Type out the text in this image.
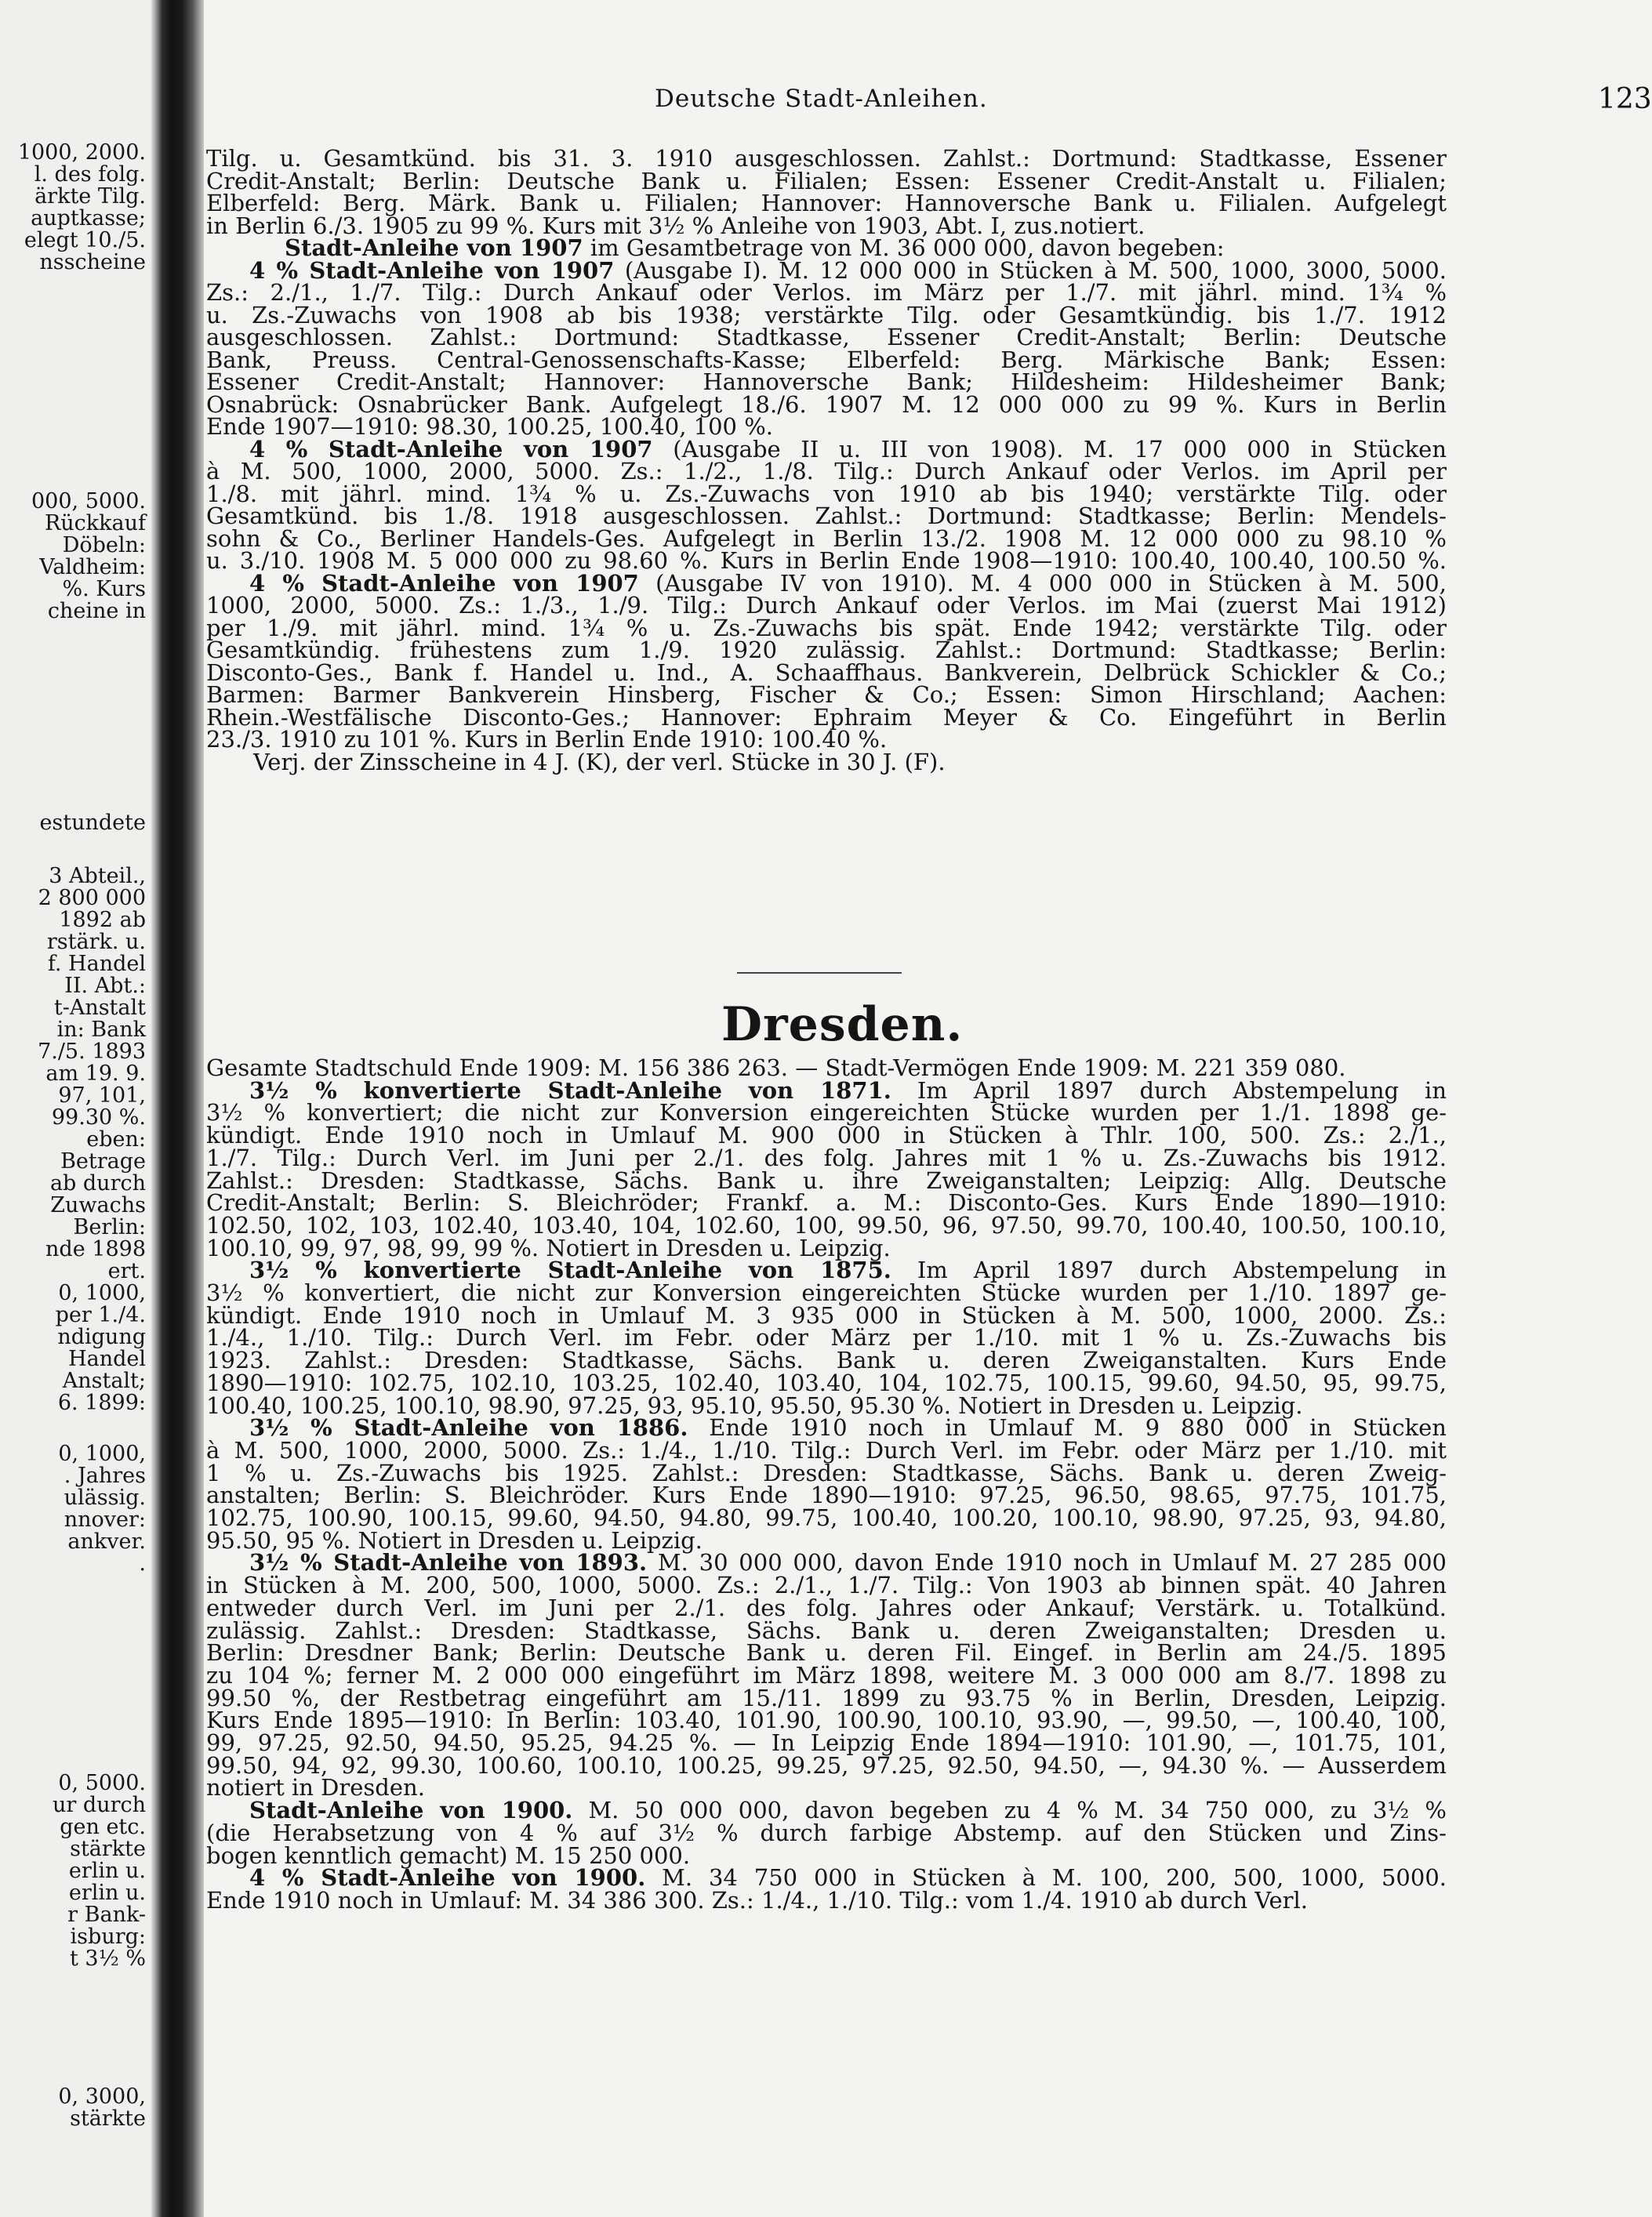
1000, 2000.
l. des folg.
ärkte Tilg.
auptkasse;
elegt 10./5.
nsscheine
000, 5000.
Rückkauf
Döbeln:
Valdheim:
%. Kurs
cheine in
estundete
3 Abteil.,
2 800 000
1892 ab
rstärk. u.
f. Handel
II. Abt.:
t-Anstalt
in: Bank
7./5. 1893
am 19. 9.
97, 101,
99.30 %.
eben:
Betrage
ab durch
Zuwachs
Berlin:
nde 1898
ert.
0, 1000,
per 1./4.
ndigung
Handel
Anstalt;
6. 1899:
0, 1000,
. Jahres
ulässig.
nnover:
ankver.
.
0, 5000.
ur durch
gen etc.
stärkte
erlin u.
erlin u.
r Bank-
isburg:
t 3½ %
0, 3000,
stärkte
Deutsche Stadt-Anleihen.	123
Tilg. u. Gesamtkünd. bis 31. 3. 1910 ausgeschlossen. Zahlst.: Dortmund: Stadtkasse, Essener
Credit-Anstalt; Berlin: Deutsche Bank u. Filialen; Essen: Essener Credit-Anstalt u. Filialen;
Elberfeld: Berg. Märk. Bank u. Filialen; Hannover: Hannoversche Bank u. Filialen. Aufgelegt
in Berlin 6./3. 1905 zu 99 %. Kurs mit 3½ % Anleihe von 1903, Abt. I, zus.notiert.
Stadt-Anleihe von 1907 im Gesamtbetrage von M. 36 000 000, davon begeben:
4 % Stadt-Anleihe von 1907 (Ausgabe I). M. 12 000 000 in Stücken à M. 500, 1000, 3000, 5000.
Zs.: 2./1., 1./7. Tilg.: Durch Ankauf oder Verlos. im März per 1./7. mit jährl. mind. 1¾ %
u. Zs.-Zuwachs von 1908 ab bis 1938; verstärkte Tilg. oder Gesamtkündig. bis 1./7. 1912
ausgeschlossen. Zahlst.: Dortmund: Stadtkasse, Essener Credit-Anstalt; Berlin: Deutsche
Bank, Preuss. Central-Genossenschafts-Kasse; Elberfeld: Berg. Märkische Bank; Essen:
Essener Credit-Anstalt; Hannover: Hannoversche Bank; Hildesheim: Hildesheimer Bank;
Osnabrück: Osnabrücker Bank. Aufgelegt 18./6. 1907 M. 12 000 000 zu 99 %. Kurs in Berlin
Ende 1907—1910: 98.30, 100.25, 100.40, 100 %.
4 % Stadt-Anleihe von 1907 (Ausgabe II u. III von 1908). M. 17 000 000 in Stücken
à M. 500, 1000, 2000, 5000. Zs.: 1./2., 1./8. Tilg.: Durch Ankauf oder Verlos. im April per
1./8. mit jährl. mind. 1¾ % u. Zs.-Zuwachs von 1910 ab bis 1940; verstärkte Tilg. oder
Gesamtkünd. bis 1./8. 1918 ausgeschlossen. Zahlst.: Dortmund: Stadtkasse; Berlin: Mendels-
sohn & Co., Berliner Handels-Ges. Aufgelegt in Berlin 13./2. 1908 M. 12 000 000 zu 98.10 %
u. 3./10. 1908 M. 5 000 000 zu 98.60 %. Kurs in Berlin Ende 1908—1910: 100.40, 100.40, 100.50 %.
4 % Stadt-Anleihe von 1907 (Ausgabe IV von 1910). M. 4 000 000 in Stücken à M. 500,
1000, 2000, 5000. Zs.: 1./3., 1./9. Tilg.: Durch Ankauf oder Verlos. im Mai (zuerst Mai 1912)
per 1./9. mit jährl. mind. 1¾ % u. Zs.-Zuwachs bis spät. Ende 1942; verstärkte Tilg. oder
Gesamtkündig. frühestens zum 1./9. 1920 zulässig. Zahlst.: Dortmund: Stadtkasse; Berlin:
Disconto-Ges., Bank f. Handel u. Ind., A. Schaaffhaus. Bankverein, Delbrück Schickler & Co.;
Barmen: Barmer Bankverein Hinsberg, Fischer & Co.; Essen: Simon Hirschland; Aachen:
Rhein.-Westfälische Disconto-Ges.; Hannover: Ephraim Meyer & Co. Eingeführt in Berlin
23./3. 1910 zu 101 %. Kurs in Berlin Ende 1910: 100.40 %.
Verj. der Zinsscheine in 4 J. (K), der verl. Stücke in 30 J. (F).
Dresden.
Gesamte Stadtschuld Ende 1909: M. 156 386 263. — Stadt-Vermögen Ende 1909: M. 221 359 080.
3½ % konvertierte Stadt-Anleihe von 1871. Im April 1897 durch Abstempelung in
3½ % konvertiert; die nicht zur Konversion eingereichten Stücke wurden per 1./1. 1898 ge-
kündigt. Ende 1910 noch in Umlauf M. 900 000 in Stücken à Thlr. 100, 500. Zs.: 2./1.,
1./7. Tilg.: Durch Verl. im Juni per 2./1. des folg. Jahres mit 1 % u. Zs.-Zuwachs bis 1912.
Zahlst.: Dresden: Stadtkasse, Sächs. Bank u. ihre Zweiganstalten; Leipzig: Allg. Deutsche
Credit-Anstalt; Berlin: S. Bleichröder; Frankf. a. M.: Disconto-Ges. Kurs Ende 1890—1910:
102.50, 102, 103, 102.40, 103.40, 104, 102.60, 100, 99.50, 96, 97.50, 99.70, 100.40, 100.50, 100.10,
100.10, 99, 97, 98, 99, 99 %. Notiert in Dresden u. Leipzig.
3½ % konvertierte Stadt-Anleihe von 1875. Im April 1897 durch Abstempelung in
3½ % konvertiert, die nicht zur Konversion eingereichten Stücke wurden per 1./10. 1897 ge-
kündigt. Ende 1910 noch in Umlauf M. 3 935 000 in Stücken à M. 500, 1000, 2000. Zs.:
1./4., 1./10. Tilg.: Durch Verl. im Febr. oder März per 1./10. mit 1 % u. Zs.-Zuwachs bis
1923. Zahlst.: Dresden: Stadtkasse, Sächs. Bank u. deren Zweiganstalten. Kurs Ende
1890—1910: 102.75, 102.10, 103.25, 102.40, 103.40, 104, 102.75, 100.15, 99.60, 94.50, 95, 99.75,
100.40, 100.25, 100.10, 98.90, 97.25, 93, 95.10, 95.50, 95.30 %. Notiert in Dresden u. Leipzig.
3½ % Stadt-Anleihe von 1886. Ende 1910 noch in Umlauf M. 9 880 000 in Stücken
à M. 500, 1000, 2000, 5000. Zs.: 1./4., 1./10. Tilg.: Durch Verl. im Febr. oder März per 1./10. mit
1 % u. Zs.-Zuwachs bis 1925. Zahlst.: Dresden: Stadtkasse, Sächs. Bank u. deren Zweig-
anstalten; Berlin: S. Bleichröder. Kurs Ende 1890—1910: 97.25, 96.50, 98.65, 97.75, 101.75,
102.75, 100.90, 100.15, 99.60, 94.50, 94.80, 99.75, 100.40, 100.20, 100.10, 98.90, 97.25, 93, 94.80,
95.50, 95 %. Notiert in Dresden u. Leipzig.
3½ % Stadt-Anleihe von 1893. M. 30 000 000, davon Ende 1910 noch in Umlauf M. 27 285 000
in Stücken à M. 200, 500, 1000, 5000. Zs.: 2./1., 1./7. Tilg.: Von 1903 ab binnen spät. 40 Jahren
entweder durch Verl. im Juni per 2./1. des folg. Jahres oder Ankauf; Verstärk. u. Totalkünd.
zulässig. Zahlst.: Dresden: Stadtkasse, Sächs. Bank u. deren Zweiganstalten; Dresden u.
Berlin: Dresdner Bank; Berlin: Deutsche Bank u. deren Fil. Eingef. in Berlin am 24./5. 1895
zu 104 %; ferner M. 2 000 000 eingeführt im März 1898, weitere M. 3 000 000 am 8./7. 1898 zu
99.50 %, der Restbetrag eingeführt am 15./11. 1899 zu 93.75 % in Berlin, Dresden, Leipzig.
Kurs Ende 1895—1910: In Berlin: 103.40, 101.90, 100.90, 100.10, 93.90, —, 99.50, —, 100.40, 100,
99, 97.25, 92.50, 94.50, 95.25, 94.25 %. — In Leipzig Ende 1894—1910: 101.90, —, 101.75, 101,
99.50, 94, 92, 99.30, 100.60, 100.10, 100.25, 99.25, 97.25, 92.50, 94.50, —, 94.30 %. — Ausserdem
notiert in Dresden.
Stadt-Anleihe von 1900. M. 50 000 000, davon begeben zu 4 % M. 34 750 000, zu 3½ %
(die Herabsetzung von 4 % auf 3½ % durch farbige Abstemp. auf den Stücken und Zins-
bogen kenntlich gemacht) M. 15 250 000.
4 % Stadt-Anleihe von 1900. M. 34 750 000 in Stücken à M. 100, 200, 500, 1000, 5000.
Ende 1910 noch in Umlauf: M. 34 386 300. Zs.: 1./4., 1./10. Tilg.: vom 1./4. 1910 ab durch Verl.
